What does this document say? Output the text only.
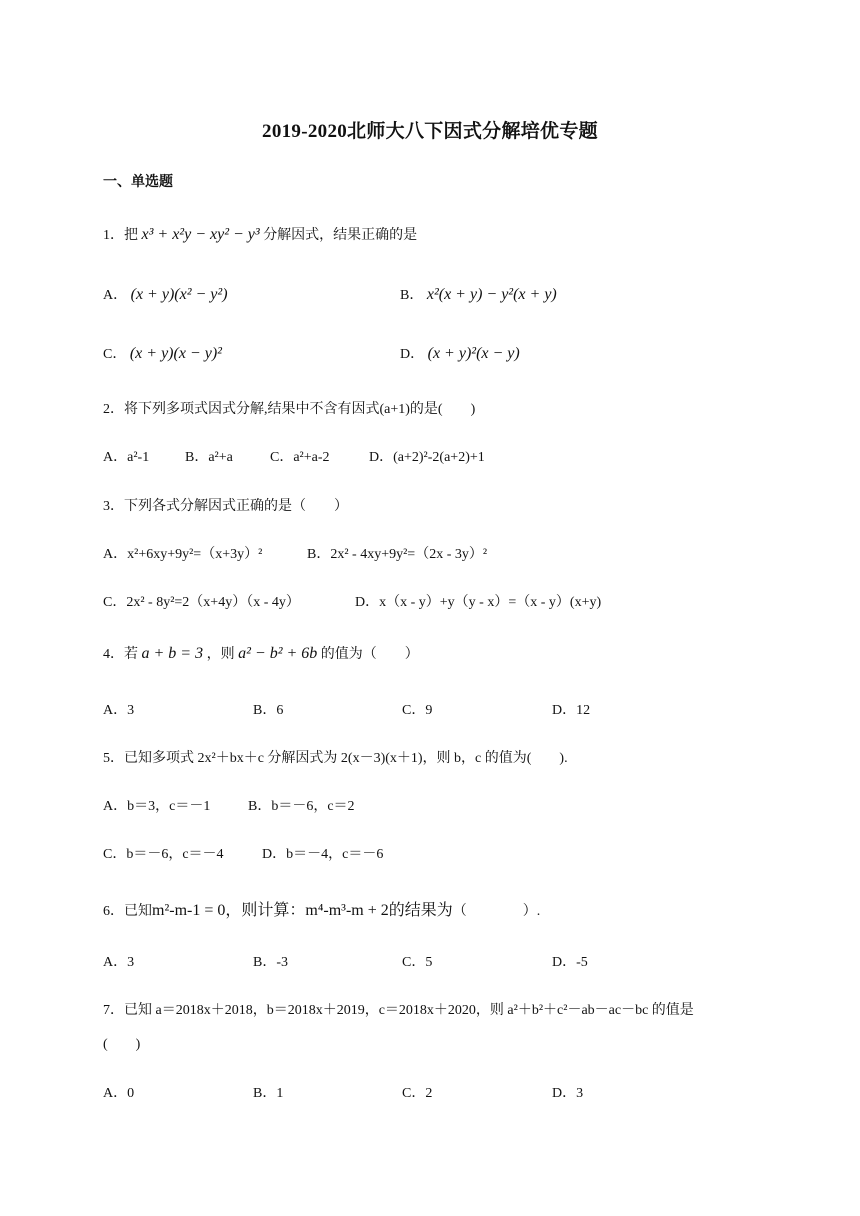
2019-2020北师大八下因式分解培优专题
一、单选题
1．把 x³ + x²y − xy² − y³ 分解因式，结果正确的是
A． (x + y)(x² − y²)	B． x²(x + y) − y²(x + y)
C． (x + y)(x − y)²	D． (x + y)²(x − y)
2．将下列多项式因式分解,结果中不含有因式(a+1)的是(　　)
A．a²-1	B．a²+a	C．a²+a-2	D．(a+2)²-2(a+2)+1
3．下列各式分解因式正确的是（　　）
A．x²+6xy+9y²=（x+3y）²	B．2x² - 4xy+9y²=（2x - 3y）²
C．2x² - 8y²=2（x+4y）（x - 4y）	D．x（x - y）+y（y - x）=（x - y）(x+y)
4．若 a + b = 3 ，则 a² − b² + 6b 的值为（　　）
A．3	B．6	C．9	D．12
5．已知多项式 2x²＋bx＋c 分解因式为 2(x－3)(x＋1)，则 b，c 的值为(　　).
A．b＝3，c＝－1	B．b＝－6，c＝2
C．b＝－6，c＝－4	D．b＝－4，c＝－6
6．已知m²-m-1 = 0，则计算：m⁴-m³-m + 2的结果为（　　　　）.
A．3	B．-3	C．5	D．-5
7．已知 a＝2018x＋2018，b＝2018x＋2019，c＝2018x＋2020，则 a²＋b²＋c²－ab－ac－bc 的值是
(　　)
A．0	B．1	C．2	D．3
